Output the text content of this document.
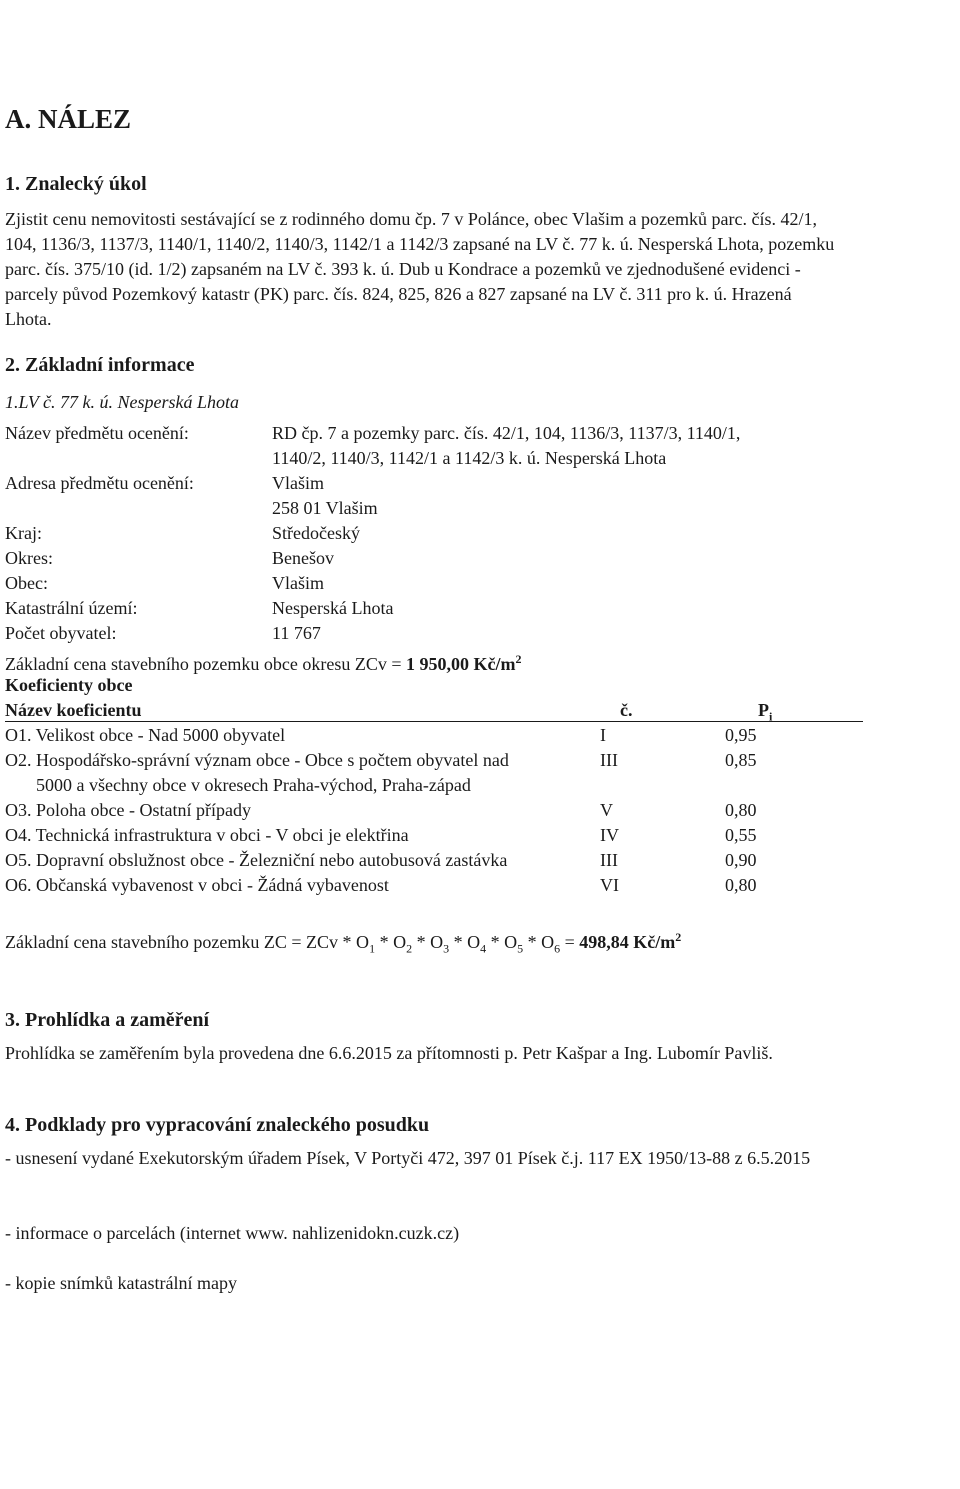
A. NÁLEZ
1. Znalecký úkol
Zjistit cenu nemovitosti sestávající se z rodinného domu čp. 7 v Polánce, obec Vlašim a pozemků parc. čís. 42/1, 104, 1136/3, 1137/3, 1140/1, 1140/2, 1140/3, 1142/1 a 1142/3 zapsané na LV č. 77 k. ú. Nesperská Lhota, pozemku parc. čís. 375/10 (id. 1/2) zapsaném na LV č. 393 k. ú. Dub u Kondrace a pozemků ve zjednodušené evidenci - parcely původ Pozemkový katastr (PK) parc. čís. 824, 825, 826 a 827 zapsané na LV č. 311 pro k. ú. Hrazená Lhota.
2. Základní informace
1.LV č. 77 k. ú. Nesperská Lhota
Název předmětu ocenění:	RD čp. 7 a pozemky parc. čís. 42/1, 104, 1136/3, 1137/3, 1140/1,
1140/2, 1140/3, 1142/1 a 1142/3 k. ú. Nesperská Lhota
Adresa předmětu ocenění:	Vlašim
258 01 Vlašim
Kraj:	Středočeský
Okres:	Benešov
Obec:	Vlašim
Katastrální území:	Nesperská Lhota
Počet obyvatel:	11 767
Základní cena stavebního pozemku obce okresu ZCv = 1 950,00 $Kč/m^2$
Koeficienty obce
Název koeficientu	č.	$P_i$
O1. Velikost obce - Nad 5000 obyvatel	I	0,95
O2. Hospodářsko-správní význam obce - Obce s počtem obyvatel nad
5000 a všechny obce v okresech Praha-východ, Praha-západ
III	0,85
O3. Poloha obce - Ostatní případy	V	0,80
O4. Technická infrastruktura v obci - V obci je elektřina	IV	0,55
O5. Dopravní obslužnost obce - Železniční nebo autobusová zastávka	III	0,90
O6. Občanská vybavenost v obci - Žádná vybavenost	VI	0,80
Základní cena stavebního pozemku ZC = ZCv * $O_1 * O_2 * O_3 * O_4 * O_5 * O_6 = 498,84$ $Kč/m^2$
3. Prohlídka a zaměření
Prohlídka se zaměřením byla provedena dne 6.6.2015 za přítomnosti p. Petr Kašpar a Ing. Lubomír Pavliš.
4. Podklady pro vypracování znaleckého posudku
- usnesení vydané Exekutorským úřadem Písek, V Portyči 472, 397 01 Písek č.j. 117 EX 1950/13-88 z 6.5.2015
- informace o parcelách (internet www. nahlizenidokn.cuzk.cz)
- kopie snímků katastrální mapy
